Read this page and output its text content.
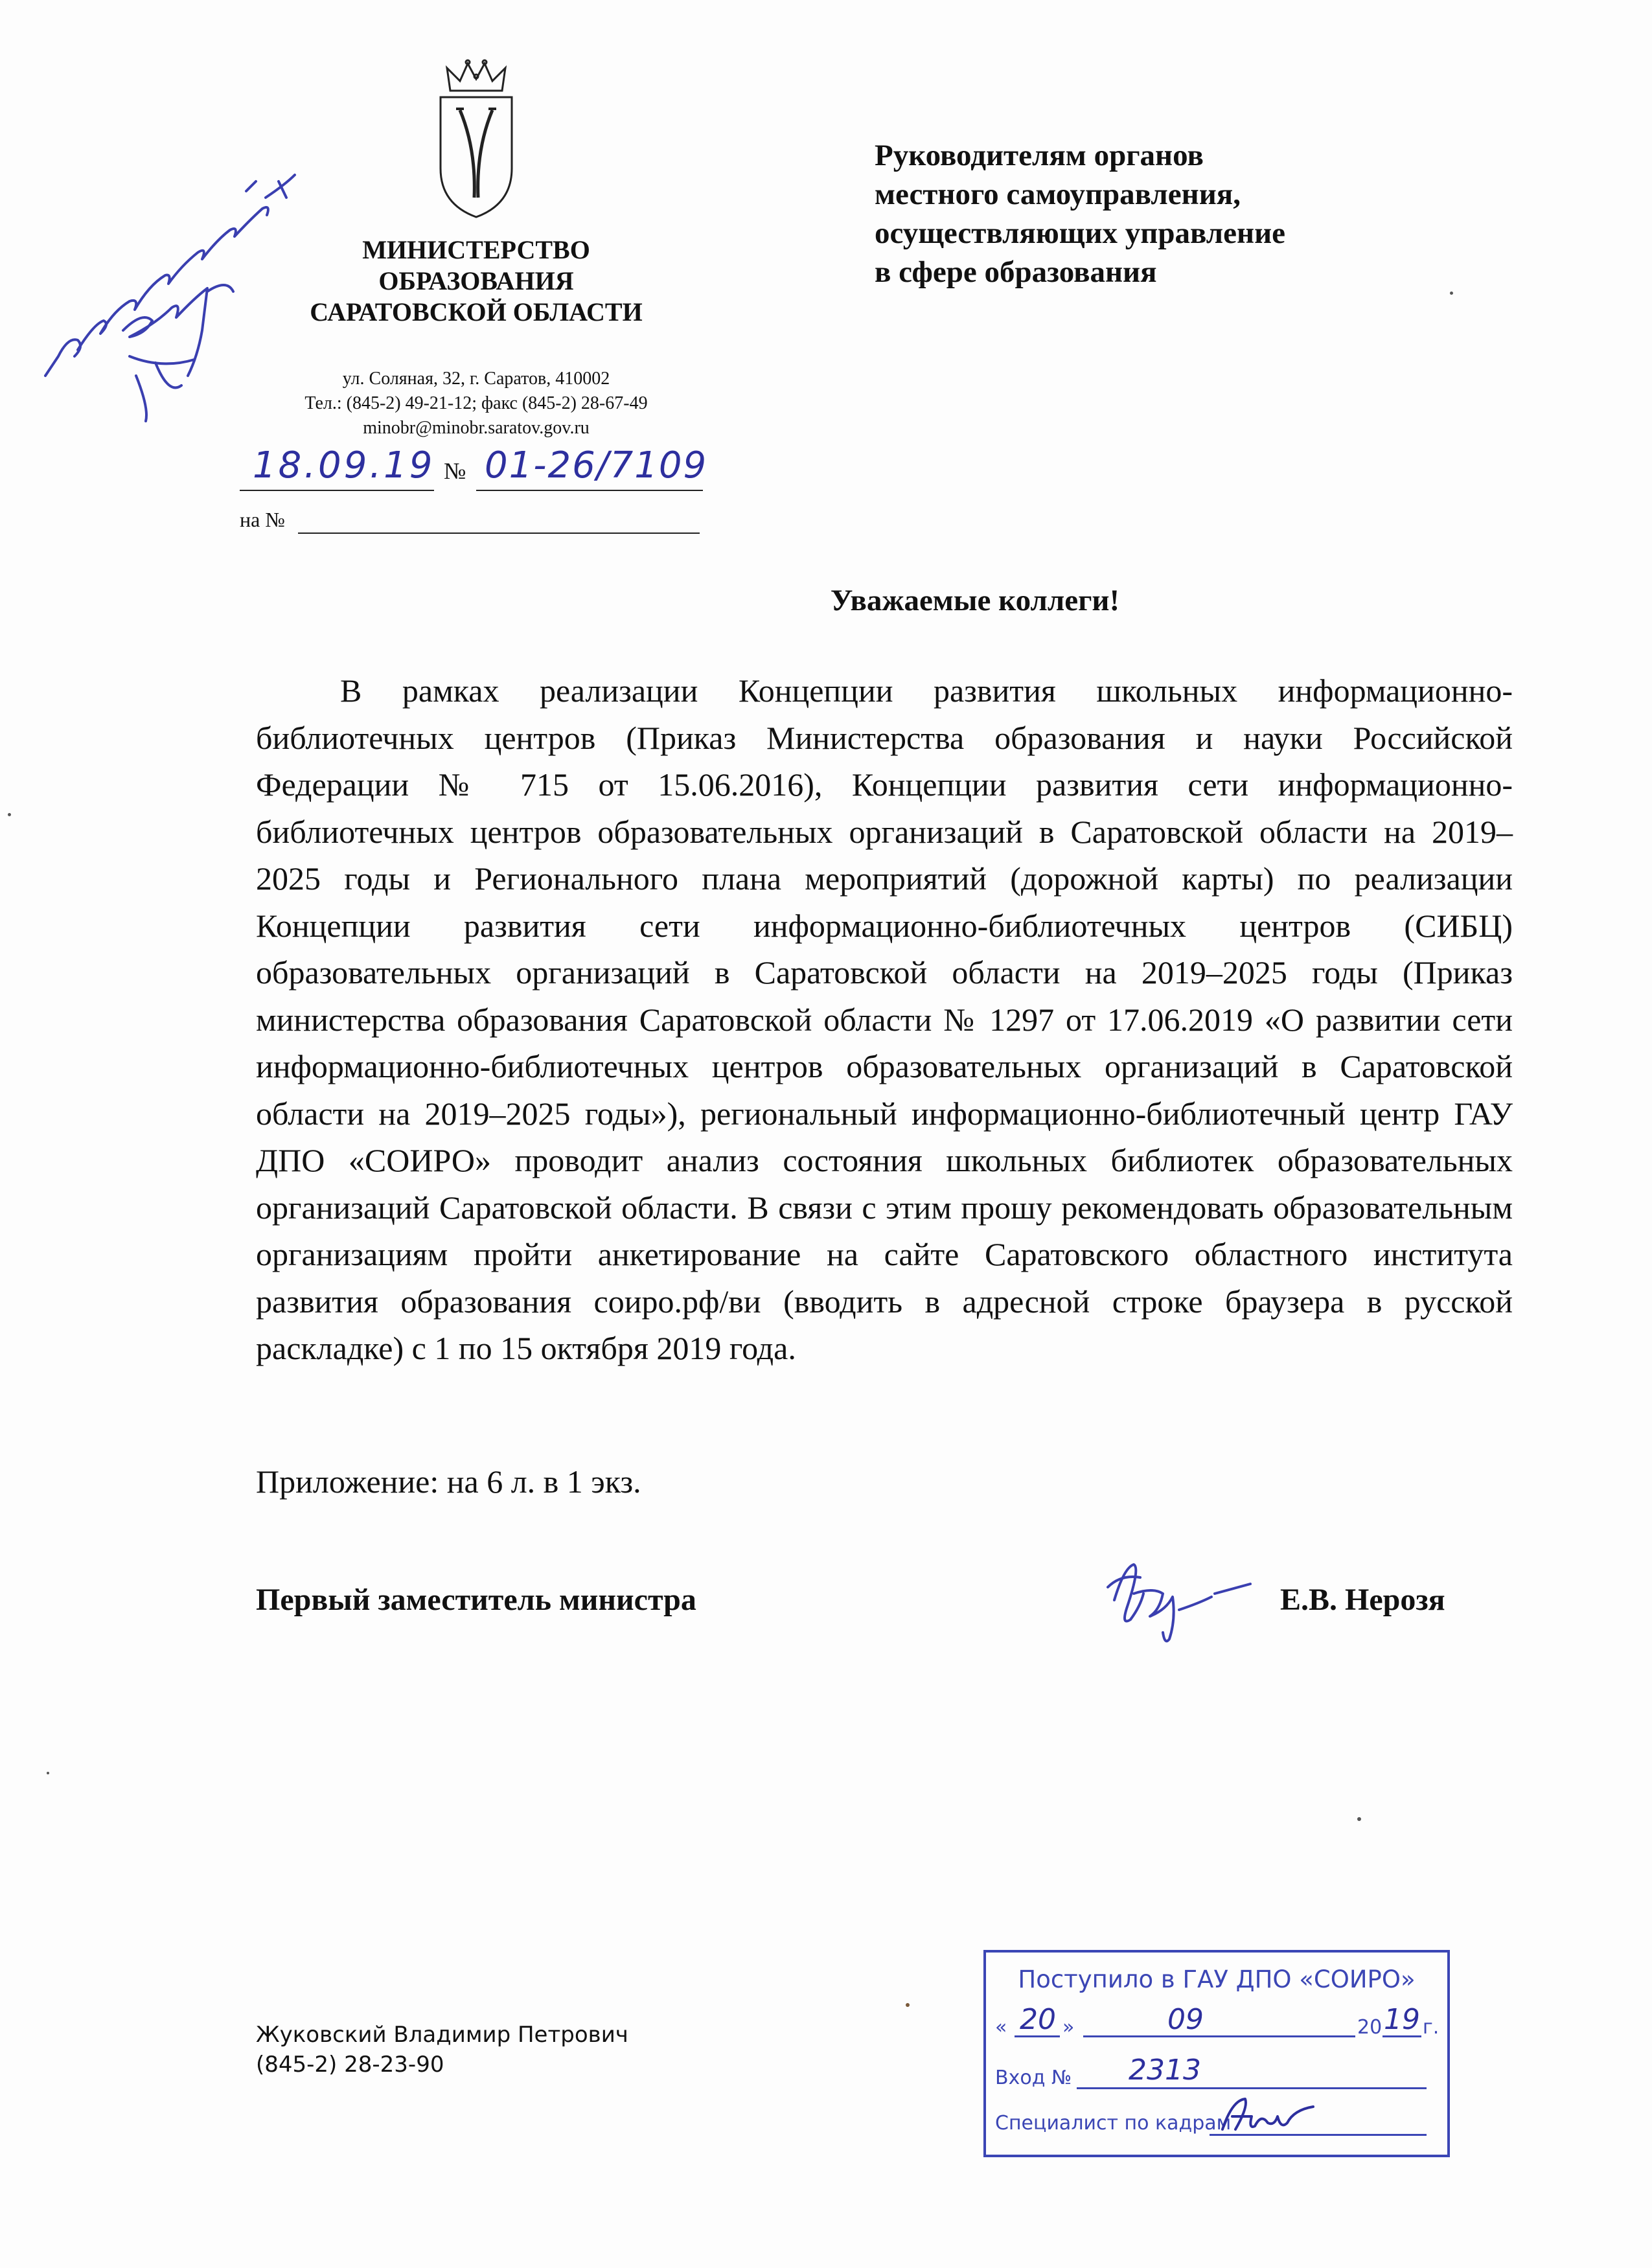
МИНИСТЕРСТВО
ОБРАЗОВАНИЯ
САРАТОВСКОЙ ОБЛАСТИ
ул. Соляная, 32, г. Саратов, 410002
Тел.: (845-2) 49-21-12; факс (845-2) 28-67-49
minobr@minobr.saratov.gov.ru
18.09.19 № 01-26/7109
на №
Руководителям органов
местного самоуправления,
осуществляющих управление
в сфере образования
Уважаемые коллеги!

В рамках реализации Концепции развития школьных информационно-библиотечных центров (Приказ Министерства образования и науки Российской Федерации № 715 от 15.06.2016), Концепции развития сети информационно-библиотечных центров образовательных организаций в Саратовской области на 2019–2025 годы и Регионального плана мероприятий (дорожной карты) по реализации Концепции развития сети информационно-библиотечных центров (СИБЦ) образовательных организаций в Саратовской области на 2019–2025 годы (Приказ министерства образования Саратовской области № 1297 от 17.06.2019 «О развитии сети информационно-библиотечных центров образовательных организаций в Саратовской области на 2019–2025 годы»), региональный информационно-библиотечный центр ГАУ ДПО «СОИРО» проводит анализ состояния школьных библиотек образовательных организаций Саратовской области. В связи с этим прошу рекомендовать образовательным организациям пройти анкетирование на сайте Саратовского областного института развития образования соиро.рф/ви (вводить в адресной строке браузера в русской раскладке) с 1 по 15 октября 2019 года.

Приложение: на 6 л. в 1 экз.
Первый заместитель министра	Е.В. Нерозя
Жуковский Владимир Петрович
(845-2) 28-23-90
Поступило в ГАУ ДПО «СОИРО»
« 20 »	09	20 19 г.
Вход № 2313
Специалист по кадрам
